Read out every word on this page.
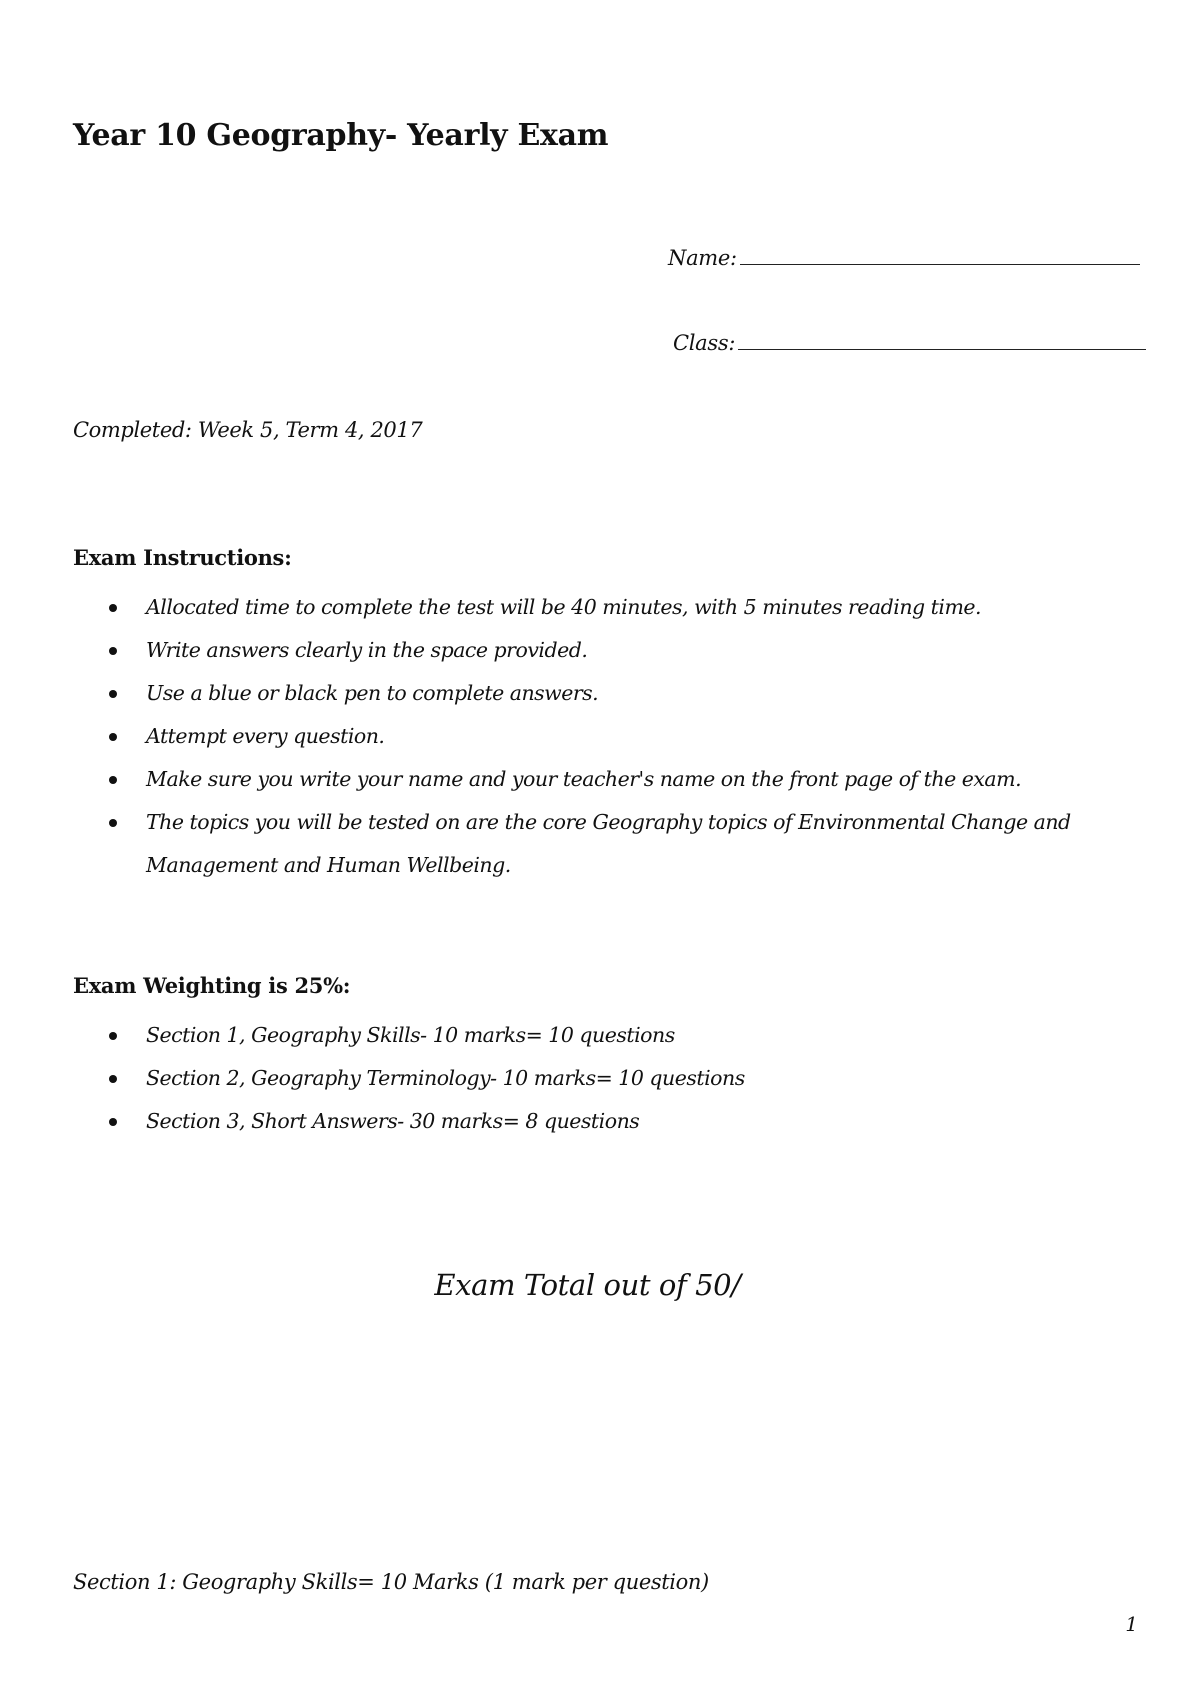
Year 10 Geography- Yearly Exam
Name:
Class:
Completed: Week 5, Term 4, 2017
Exam Instructions:
Allocated time to complete the test will be 40 minutes, with 5 minutes reading time.
Write answers clearly in the space provided.
Use a blue or black pen to complete answers.
Attempt every question.
Make sure you write your name and your teacher's name on the front page of the exam.
The topics you will be tested on are the core Geography topics of Environmental Change and Management and Human Wellbeing.
Exam Weighting is 25%:
Section 1, Geography Skills- 10 marks= 10 questions
Section 2, Geography Terminology- 10 marks= 10 questions
Section 3, Short Answers- 30 marks= 8 questions
Exam Total out of 50/
Section 1: Geography Skills= 10 Marks (1 mark per question)
1
